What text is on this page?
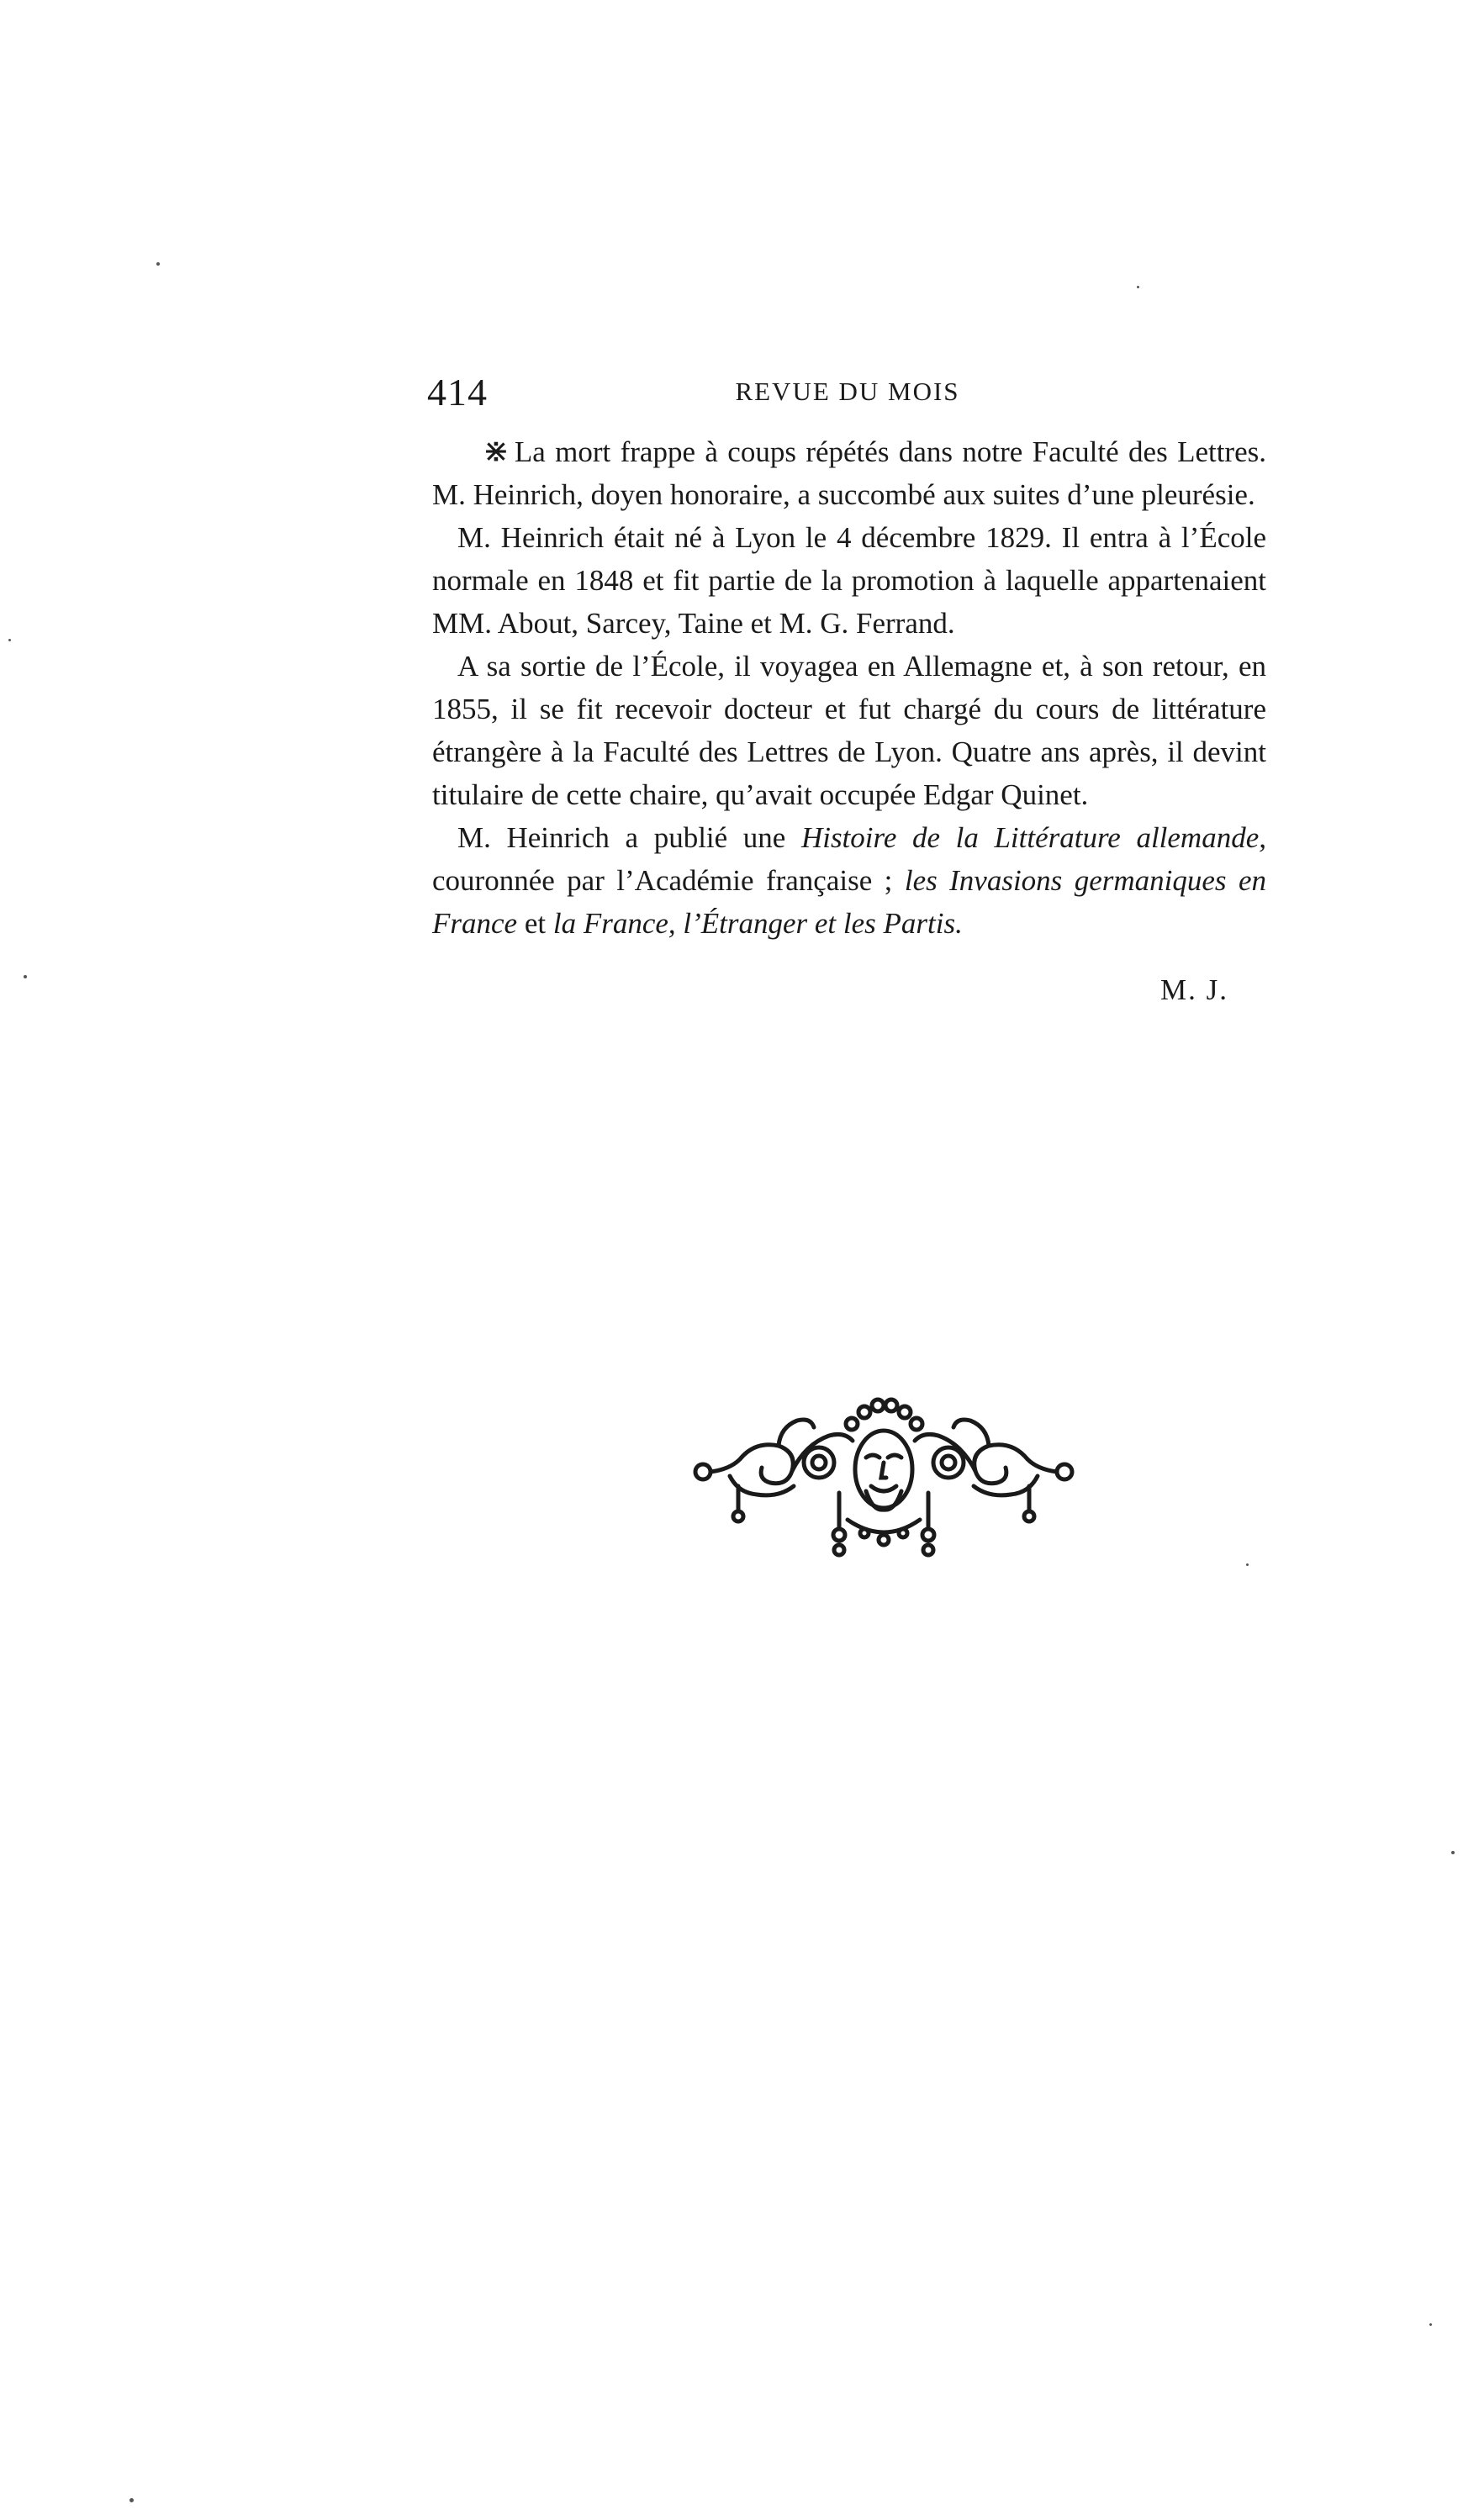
414	REVUE DU MOIS

⋇ La mort frappe à coups répétés dans notre Faculté des Lettres. M. Heinrich, doyen honoraire, a succombé aux suites d’une pleurésie.

M. Heinrich était né à Lyon le 4 décembre 1829. Il entra à l’École normale en 1848 et fit partie de la promotion à laquelle appartenaient MM. About, Sarcey, Taine et M. G. Ferrand.

A sa sortie de l’École, il voyagea en Allemagne et, à son retour, en 1855, il se fit recevoir docteur et fut chargé du cours de littérature étrangère à la Faculté des Lettres de Lyon. Quatre ans après, il devint titulaire de cette chaire, qu’avait occupée Edgar Quinet.

M. Heinrich a publié une Histoire de la Littérature allemande, couronnée par l’Académie française ; les Invasions germaniques en France et la France, l’Étranger et les Partis.

M. J.
